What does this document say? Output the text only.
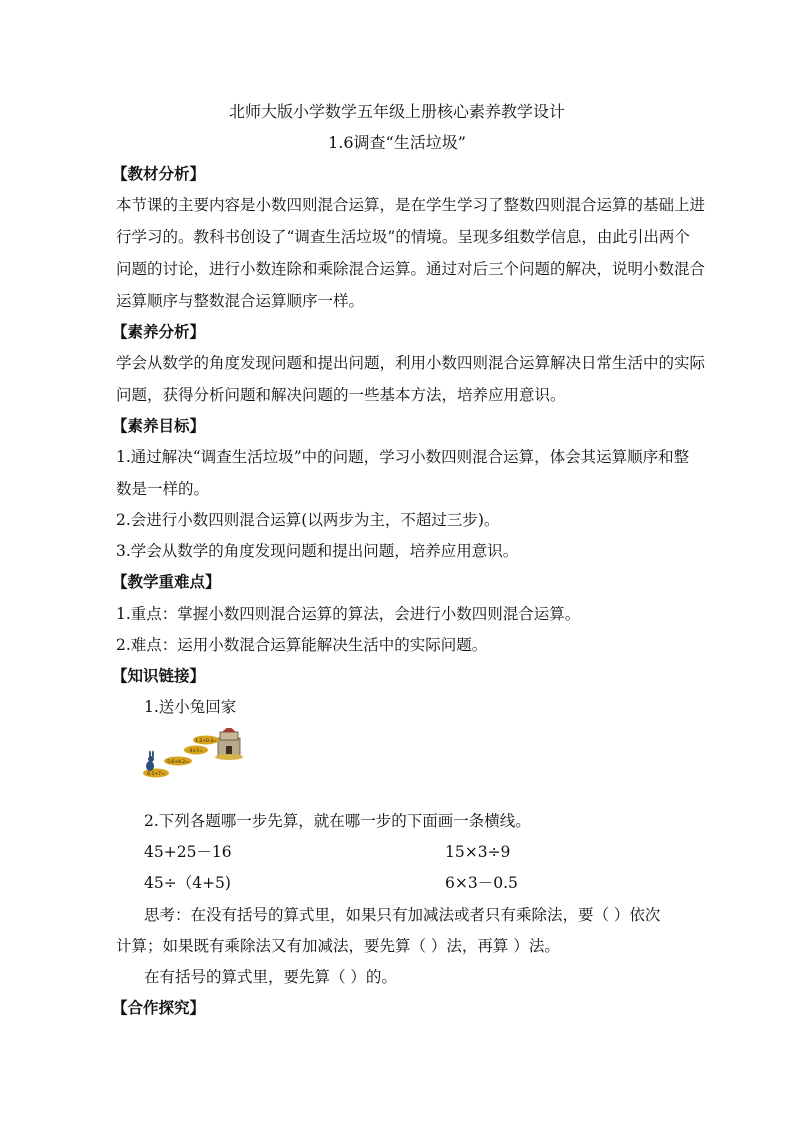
北师大版小学数学五年级上册核心素养教学设计
1.6调查“生活垃圾”
【教材分析】
本节课的主要内容是小数四则混合运算，是在学生学习了整数四则混合运算的基础上进
行学习的。教科书创设了“调查生活垃圾”的情境。呈现多组数学信息，由此引出两个
问题的讨论，进行小数连除和乘除混合运算。通过对后三个问题的解决，说明小数混合
运算顺序与整数混合运算顺序一样。
【素养分析】
学会从数学的角度发现问题和提出问题，利用小数四则混合运算解决日常生活中的实际
问题，获得分析问题和解决问题的一些基本方法，培养应用意识。
【素养目标】
1.通过解决“调查生活垃圾”中的问题，学习小数四则混合运算，体会其运算顺序和整
数是一样的。
2.会进行小数四则混合运算(以两步为主，不超过三步)。
3.学会从数学的角度发现问题和提出问题，培养应用意识。
【教学重难点】
1.重点：掌握小数四则混合运算的算法，会进行小数四则混合运算。
2.难点：运用小数混合运算能解决生活中的实际问题。
【知识链接】
1.送小兔回家
1.2÷0.3=
4×7=
5.6+4.2=
0.1+7=
2.下列各题哪一步先算，就在哪一步的下面画一条横线。
45+25－16	15×3÷9
45÷（4+5)	6×3－0.5
思考：在没有括号的算式里，如果只有加减法或者只有乘除法，要（ ）依次
计算；如果既有乘除法又有加减法，要先算（ ）法，再算 ）法。
在有括号的算式里，要先算（ ）的。
【合作探究】
